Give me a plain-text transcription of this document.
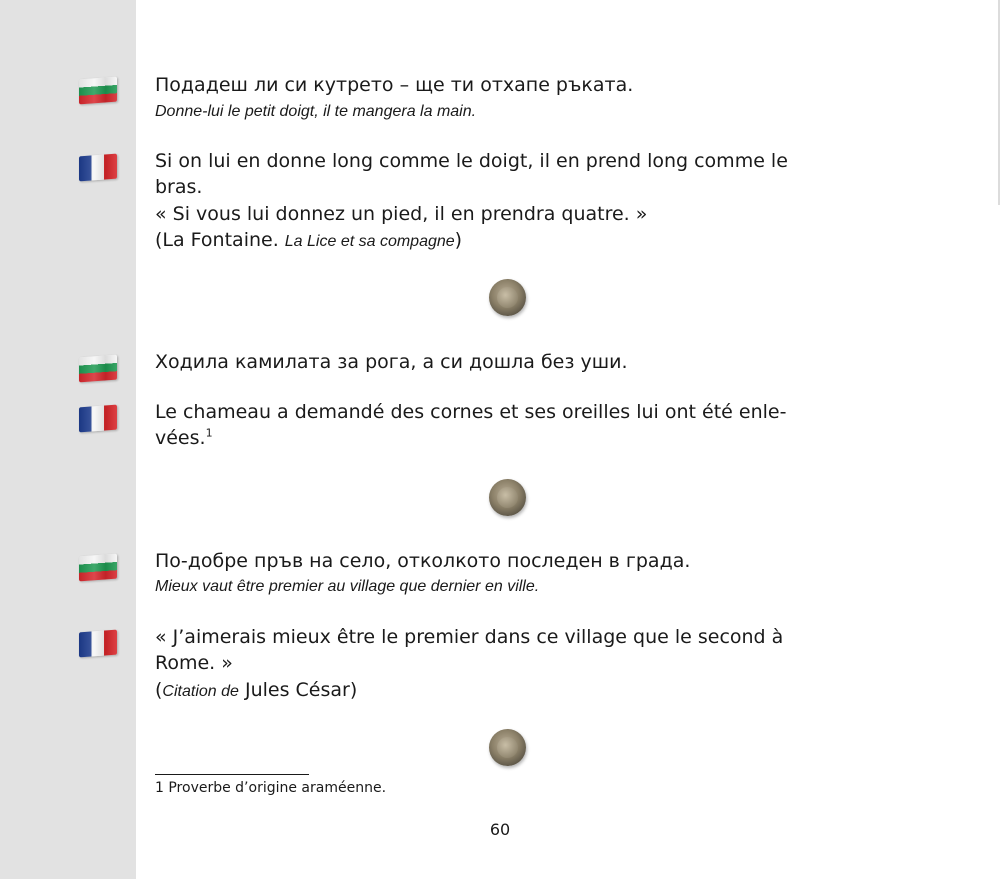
Подадеш ли си кутрето – ще ти отхапе ръката.

Donne-lui le petit doigt, il te mangera la main.

Si on lui en donne long comme le doigt, il en prend long comme le

bras.

« Si vous lui donnez un pied, il en prendra quatre. »

(La Fontaine. La Lice et sa compagne)

Ходила камилата за рога, а си дошла без уши.

Le chameau a demandé des cornes et ses oreilles lui ont été enle-

vées.$^1$

По-добре пръв на село, отколкото последен в града.

Mieux vaut être premier au village que dernier en ville.

« J’aimerais mieux être le premier dans ce village que le second à

Rome. »

(Citation de Jules César)

1 Proverbe d’origine araméenne.

60
